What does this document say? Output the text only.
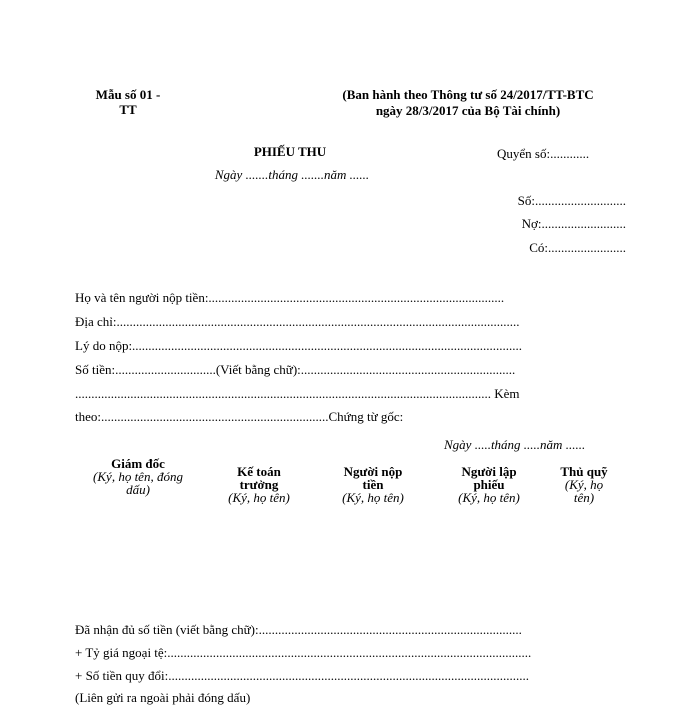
Mẫu số 01 -
TT
(Ban hành theo Thông tư số 24/2017/TT-BTC
ngày 28/3/2017 của Bộ Tài chính)
PHIẾU THU
Ngày .......tháng .......năm ......
Quyển số:............
Số:............................
Nợ:..........................
Có:........................
Họ và tên người nộp tiền:...........................................................................................
Địa chỉ:............................................................................................................................
Lý do nộp:........................................................................................................................
Số tiền:...............................(Viết bằng chữ):..................................................................
................................................................................................................................ Kèm
theo:......................................................................Chứng từ gốc:
Ngày .....tháng .....năm ......
Giám đốc
(Ký, họ tên, đóng dấu)
Kế toán trưởng
(Ký, họ tên)
Người nộp tiền
(Ký, họ tên)
Người lập phiếu
(Ký, họ tên)
Thủ quỹ
(Ký, họ tên)
Đã nhận đủ số tiền (viết bằng chữ):.................................................................................
+ Tỷ giá ngoại tệ:................................................................................................................
+ Số tiền quy đổi:...............................................................................................................
(Liên gửi ra ngoài phải đóng dấu)
